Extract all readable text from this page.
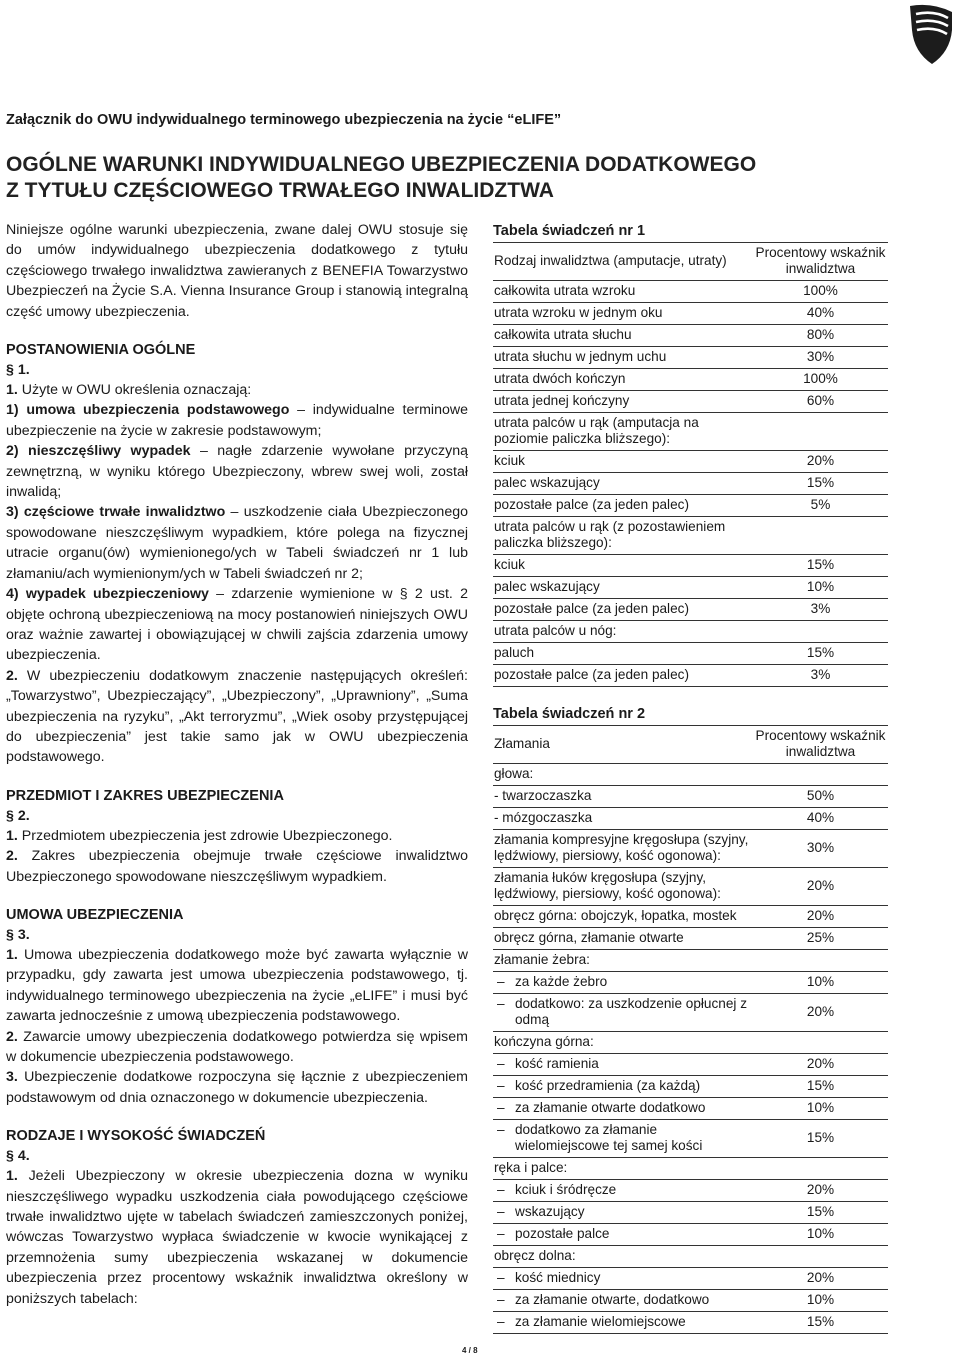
Załącznik do OWU indywidualnego terminowego ubezpieczenia na życie “eLIFE”
OGÓLNE WARUNKI INDYWIDUALNEGO UBEZPIECZENIA DODATKOWEGO
Z TYTUŁU CZĘŚCIOWEGO TRWAŁEGO INWALIDZTWA

Niniejsze ogólne warunki ubezpieczenia, zwane dalej OWU stosuje się do umów indywidualnego ubezpieczenia dodatkowego z tytułu częściowego trwałego inwalidztwa zawieranych z BENEFIA Towarzystwo Ubezpieczeń na Życie S.A. Vienna Insurance Group i stanowią integralną część umowy ubezpieczenia.

POSTANOWIENIA OGÓLNE
§ 1.

1. Użyte w OWU określenia oznaczają:

1) umowa ubezpieczenia podstawowego – indywidualne terminowe ubezpieczenie na życie w zakresie podstawowym;

2) nieszczęśliwy wypadek – nagłe zdarzenie wywołane przyczyną zewnętrzną, w wyniku którego Ubezpieczony, wbrew swej woli, został inwalidą;

3) częściowe trwałe inwalidztwo – uszkodzenie ciała Ubezpieczonego spowodowane nieszczęśliwym wypadkiem, które polega na fizycznej utracie organu(ów) wymienionego/ych w Tabeli świadczeń nr 1 lub złamaniu/ach wymienionym/ych w Tabeli świadczeń nr 2;

4) wypadek ubezpieczeniowy – zdarzenie wymienione w § 2 ust. 2 objęte ochroną ubezpieczeniową na mocy postanowień niniejszych OWU oraz ważnie zawartej i obowiązującej w chwili zajścia zdarzenia umowy ubezpieczenia.

2. W ubezpieczeniu dodatkowym znaczenie następujących określeń: „Towarzystwo”, Ubezpieczający”, „Ubezpieczony”, „Uprawniony”, „Suma ubezpieczenia na ryzyku”, „Akt terroryzmu”, „Wiek osoby przystępującej do ubezpieczenia” jest takie samo jak w OWU ubezpieczenia podstawowego.

PRZEDMIOT I ZAKRES UBEZPIECZENIA
§ 2.

1. Przedmiotem ubezpieczenia jest zdrowie Ubezpieczonego.

2. Zakres ubezpieczenia obejmuje trwałe częściowe inwalidztwo Ubezpieczonego spowodowane nieszczęśliwym wypadkiem.

UMOWA UBEZPIECZENIA
§ 3.

1. Umowa ubezpieczenia dodatkowego może być zawarta wyłącznie w przypadku, gdy zawarta jest umowa ubezpieczenia podstawowego, tj. indywidualnego terminowego ubezpieczenia na życie „eLIFE” i musi być zawarta jednocześnie z umową ubezpieczenia podstawowego.

2. Zawarcie umowy ubezpieczenia dodatkowego potwierdza się wpisem w dokumencie ubezpieczenia podstawowego.

3. Ubezpieczenie dodatkowe rozpoczyna się łącznie z ubezpieczeniem podstawowym od dnia oznaczonego w dokumencie ubezpieczenia.

RODZAJE I WYSOKOŚĆ ŚWIADCZEŃ
§ 4.

1. Jeżeli Ubezpieczony w okresie ubezpieczenia dozna w wyniku nieszczęśliwego wypadku uszkodzenia ciała powodującego częściowe trwałe inwalidztwo ujęte w tabelach świadczeń zamieszczonych poniżej, wówczas Towarzystwo wypłaca świadczenie w kwocie wynikającej z przemnożenia sumy ubezpieczenia wskazanej w dokumencie ubezpieczenia przez procentowy wskaźnik inwalidztwa określony w poniższych tabelach:

Tabela świadczeń nr 1
Rodzaj inwalidztwa (amputacje, utraty)	Procentowy wskaźnik inwalidztwa
całkowita utrata wzroku	100%
utrata wzroku w jednym oku	40%
całkowita utrata słuchu	80%
utrata słuchu w jednym uchu	30%
utrata dwóch kończyn	100%
utrata jednej kończyny	60%
utrata palców u rąk (amputacja na poziomie paliczka bliższego):	
kciuk	20%
palec wskazujący	15%
pozostałe palce (za jeden palec)	5%
utrata palców u rąk (z pozostawieniem paliczka bliższego):	
kciuk	15%
palec wskazujący	10%
pozostałe palce (za jeden palec)	3%
utrata palców u nóg:	
paluch	15%
pozostałe palce (za jeden palec)	3%
Tabela świadczeń nr 2
Złamania	Procentowy wskaźnik inwalidztwa
głowa:	
- twarzoczaszka	50%
- mózgoczaszka	40%
złamania kompresyjne kręgosłupa (szyjny, lędźwiowy, piersiowy, kość ogonowa):	30%
złamania łuków kręgosłupa (szyjny, lędźwiowy, piersiowy, kość ogonowa):	20%
obręcz górna: obojczyk, łopatka, mostek	20%
obręcz górna, złamanie otwarte	25%
złamanie żebra:	
– za każde żebro	10%
– dodatkowo: za uszkodzenie opłucnej z odmą	20%
kończyna górna:	
– kość ramienia	20%
– kość przedramienia (za każdą)	15%
– za złamanie otwarte dodatkowo	10%
– dodatkowo za złamanie wielomiejscowe tej samej kości	15%
ręka i palce:	
– kciuk i śródręcze	20%
– wskazujący	15%
– pozostałe palce	10%
obręcz dolna:	
– kość miednicy	20%
– za złamanie otwarte, dodatkowo	10%
– za złamanie wielomiejscowe	15%
4 / 8
